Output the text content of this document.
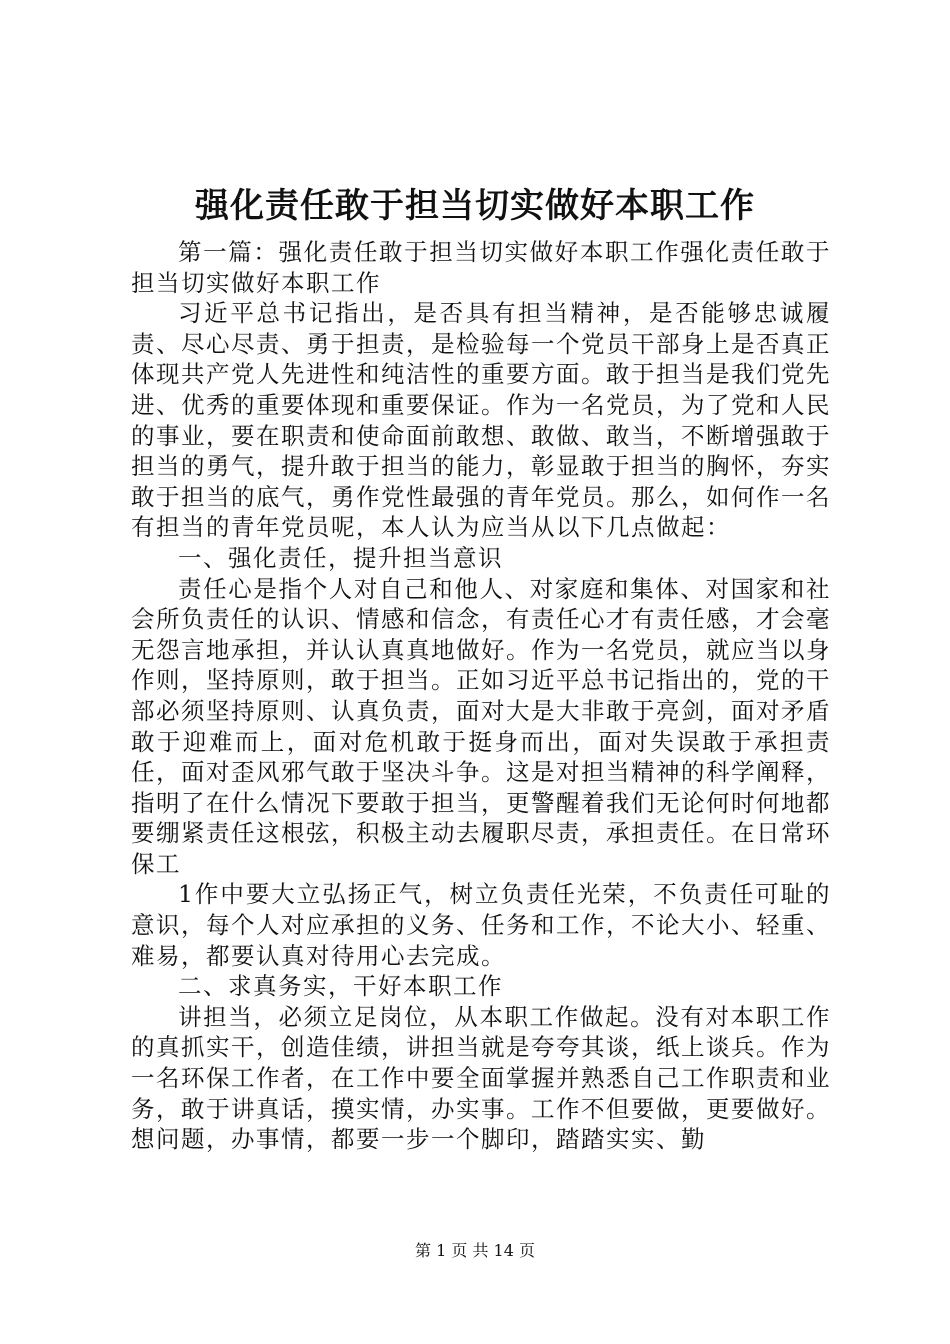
强化责任敢于担当切实做好本职工作

第一篇：强化责任敢于担当切实做好本职工作强化责任敢于担当切实做好本职工作

习近平总书记指出，是否具有担当精神，是否能够忠诚履责、尽心尽责、勇于担责，是检验每一个党员干部身上是否真正体现共产党人先进性和纯洁性的重要方面。敢于担当是我们党先进、优秀的重要体现和重要保证。作为一名党员，为了党和人民的事业，要在职责和使命面前敢想、敢做、敢当，不断增强敢于担当的勇气，提升敢于担当的能力，彰显敢于担当的胸怀，夯实敢于担当的底气，勇作党性最强的青年党员。那么，如何作一名有担当的青年党员呢，本人认为应当从以下几点做起：

一、强化责任，提升担当意识

责任心是指个人对自己和他人、对家庭和集体、对国家和社会所负责任的认识、情感和信念，有责任心才有责任感，才会毫无怨言地承担，并认认真真地做好。作为一名党员，就应当以身作则，坚持原则，敢于担当。正如习近平总书记指出的，党的干部必须坚持原则、认真负责，面对大是大非敢于亮剑，面对矛盾敢于迎难而上，面对危机敢于挺身而出，面对失误敢于承担责任，面对歪风邪气敢于坚决斗争。这是对担当精神的科学阐释，指明了在什么情况下要敢于担当，更警醒着我们无论何时何地都要绷紧责任这根弦，积极主动去履职尽责，承担责任。在日常环保工

1作中要大立弘扬正气，树立负责任光荣，不负责任可耻的意识，每个人对应承担的义务、任务和工作，不论大小、轻重、难易，都要认真对待用心去完成。

二、求真务实，干好本职工作

讲担当，必须立足岗位，从本职工作做起。没有对本职工作的真抓实干，创造佳绩，讲担当就是夸夸其谈，纸上谈兵。作为一名环保工作者，在工作中要全面掌握并熟悉自己工作职责和业务，敢于讲真话，摸实情，办实事。工作不但要做，更要做好。想问题，办事情，都要一步一个脚印，踏踏实实、勤

第 1 页 共 14 页
